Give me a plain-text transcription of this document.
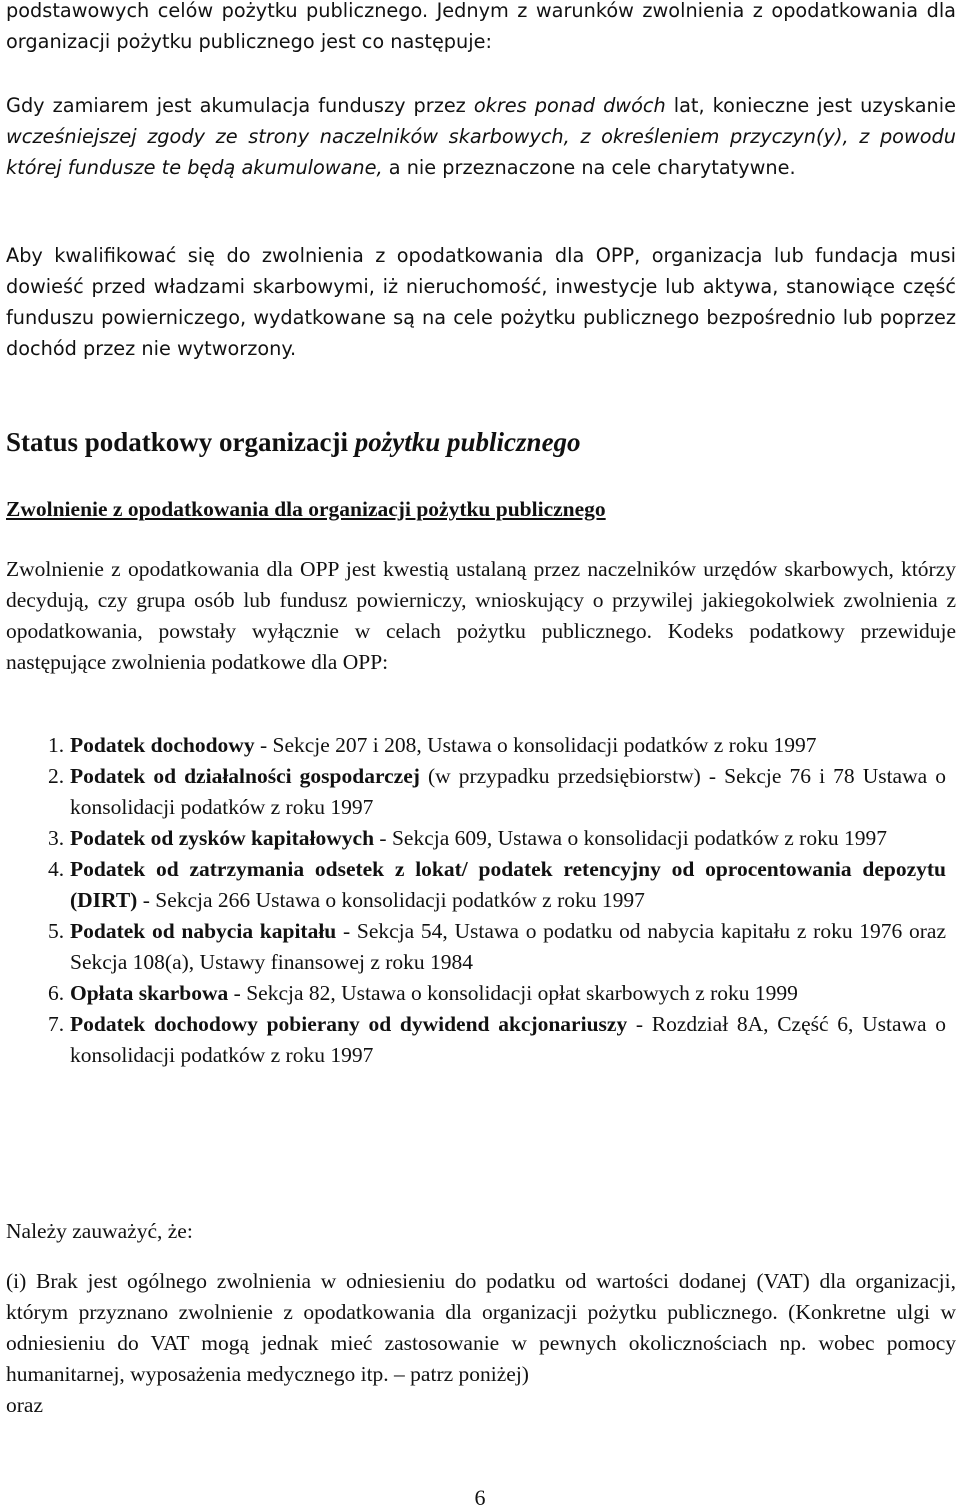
podstawowych celów pożytku publicznego. Jednym z warunków zwolnienia z opodatkowania dla organizacji pożytku publicznego jest co następuje:

Gdy zamiarem jest akumulacja funduszy przez okres ponad dwóch lat, konieczne jest uzyskanie wcześniejszej zgody ze strony naczelników skarbowych, z określeniem przyczyn(y), z powodu której fundusze te będą akumulowane, a nie przeznaczone na cele charytatywne.

Aby kwalifikować się do zwolnienia z opodatkowania dla OPP, organizacja lub fundacja musi dowieść przed władzami skarbowymi, iż nieruchomość, inwestycje lub aktywa, stanowiące część funduszu powierniczego, wydatkowane są na cele pożytku publicznego bezpośrednio lub poprzez dochód przez nie wytworzony.

Status podatkowy organizacji pożytku publicznego
Zwolnienie z opodatkowania dla organizacji pożytku publicznego

Zwolnienie z opodatkowania dla OPP jest kwestią ustalaną przez naczelników urzędów skarbowych, którzy decydują, czy grupa osób lub fundusz powierniczy, wnioskujący o przywilej jakiegokolwiek zwolnienia z opodatkowania, powstały wyłącznie w celach pożytku publicznego. Kodeks podatkowy przewiduje następujące zwolnienia podatkowe dla OPP:

1. Podatek dochodowy - Sekcje 207 i 208, Ustawa o konsolidacji podatków z roku 1997
2. Podatek od działalności gospodarczej (w przypadku przedsiębiorstw) - Sekcje 76 i 78 Ustawa o konsolidacji podatków z roku 1997
3. Podatek od zysków kapitałowych - Sekcja 609, Ustawa o konsolidacji podatków z roku 1997
4. Podatek od zatrzymania odsetek z lokat/ podatek retencyjny od oprocentowania depozytu (DIRT) - Sekcja 266 Ustawa o konsolidacji podatków z roku 1997
5. Podatek od nabycia kapitału - Sekcja 54, Ustawa o podatku od nabycia kapitału z roku 1976 oraz Sekcja 108(a), Ustawy finansowej z roku 1984
6. Opłata skarbowa - Sekcja 82, Ustawa o konsolidacji opłat skarbowych z roku 1999
7. Podatek dochodowy pobierany od dywidend akcjonariuszy - Rozdział 8A, Część 6, Ustawa o konsolidacji podatków z roku 1997

Należy zauważyć, że:

(i) Brak jest ogólnego zwolnienia w odniesieniu do podatku od wartości dodanej (VAT) dla organizacji, którym przyznano zwolnienie z opodatkowania dla organizacji pożytku publicznego. (Konkretne ulgi w odniesieniu do VAT mogą jednak mieć zastosowanie w pewnych okolicznościach np. wobec pomocy humanitarnej, wyposażenia medycznego itp. – patrz poniżej)
oraz

6
